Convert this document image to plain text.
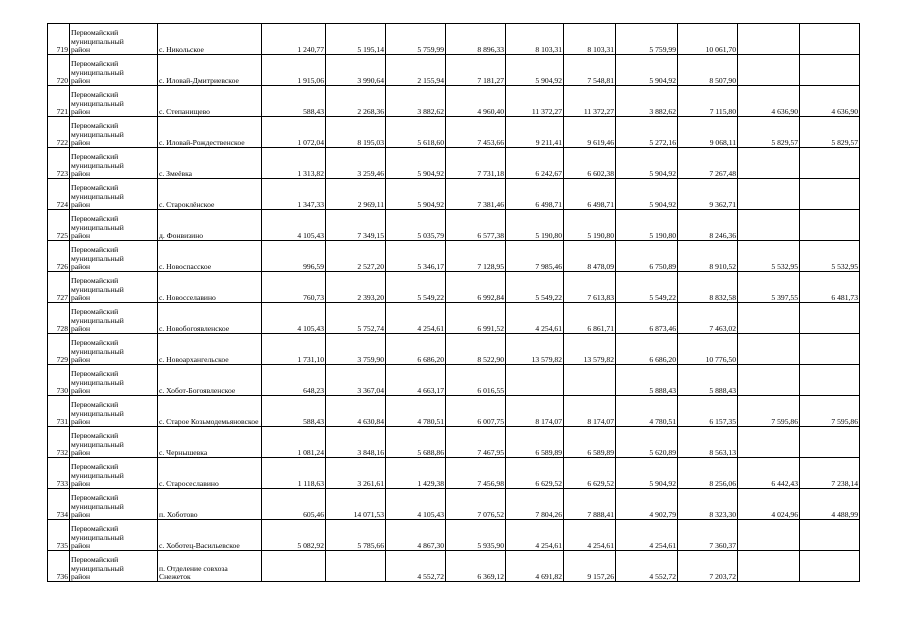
719	Первомайский
муниципальный
район	с. Никольское	1 240,77	5 195,14	5 759,99	8 896,33	8 103,31	8 103,31	5 759,99	10 061,70		
720	Первомайский
муниципальный
район	с. Иловай-Дмитриевское	1 915,06	3 990,64	2 155,94	7 181,27	5 904,92	7 548,81	5 904,92	8 507,90		
721	Первомайский
муниципальный
район	с. Степанищево	588,43	2 268,36	3 882,62	4 960,40	11 372,27	11 372,27	3 882,62	7 115,80	4 636,90	4 636,90
722	Первомайский
муниципальный
район	с. Иловай-Рождественское	1 072,04	8 195,03	5 618,60	7 453,66	9 211,41	9 619,46	5 272,16	9 068,11	5 829,57	5 829,57
723	Первомайский
муниципальный
район	с. Змеёвка	1 313,82	3 259,46	5 904,92	7 731,18	6 242,67	6 602,38	5 904,92	7 267,48		
724	Первомайский
муниципальный
район	с. Староклёнское	1 347,33	2 969,11	5 904,92	7 381,46	6 498,71	6 498,71	5 904,92	9 362,71		
725	Первомайский
муниципальный
район	д. Фонвизино	4 105,43	7 349,15	5 035,79	6 577,38	5 190,80	5 190,80	5 190,80	8 246,36		
726	Первомайский
муниципальный
район	с. Новоспасское	996,59	2 527,20	5 346,17	7 128,95	7 985,46	8 478,09	6 750,89	8 910,52	5 532,95	5 532,95
727	Первомайский
муниципальный
район	с. Новосселавино	760,73	2 393,20	5 549,22	6 992,84	5 549,22	7 613,83	5 549,22	8 832,58	5 397,55	6 481,73
728	Первомайский
муниципальный
район	с. Новобогоявленское	4 105,43	5 752,74	4 254,61	6 991,52	4 254,61	6 861,71	6 873,46	7 463,02		
729	Первомайский
муниципальный
район	с. Новоархангельское	1 731,10	3 759,90	6 686,20	8 522,90	13 579,82	13 579,82	6 686,20	10 776,50		
730	Первомайский
муниципальный
район	с. Хобот-Богоявленское	648,23	3 367,04	4 663,17	6 016,55			5 888,43	5 888,43		
731	Первомайский
муниципальный
район	с. Старое Козьмодемьяновское	588,43	4 630,84	4 780,51	6 007,75	8 174,07	8 174,07	4 780,51	6 157,35	7 595,86	7 595,86
732	Первомайский
муниципальный
район	с. Чернышевка	1 081,24	3 848,16	5 688,86	7 467,95	6 589,89	6 589,89	5 620,89	8 563,13		
733	Первомайский
муниципальный
район	с. Старосеславино	1 118,63	3 261,61	1 429,38	7 456,98	6 629,52	6 629,52	5 904,92	8 256,06	6 442,43	7 238,14
734	Первомайский
муниципальный
район	п. Хоботово	605,46	14 071,53	4 105,43	7 076,52	7 804,26	7 888,41	4 902,79	8 323,30	4 024,96	4 488,99
735	Первомайский
муниципальный
район	с. Хоботец-Васильевское	5 082,92	5 785,66	4 867,30	5 935,90	4 254,61	4 254,61	4 254,61	7 360,37		
736	Первомайский
муниципальный
район	п. Отделение совхоза Снежеток			4 552,72	6 369,12	4 691,82	9 157,26	4 552,72	7 203,72		
